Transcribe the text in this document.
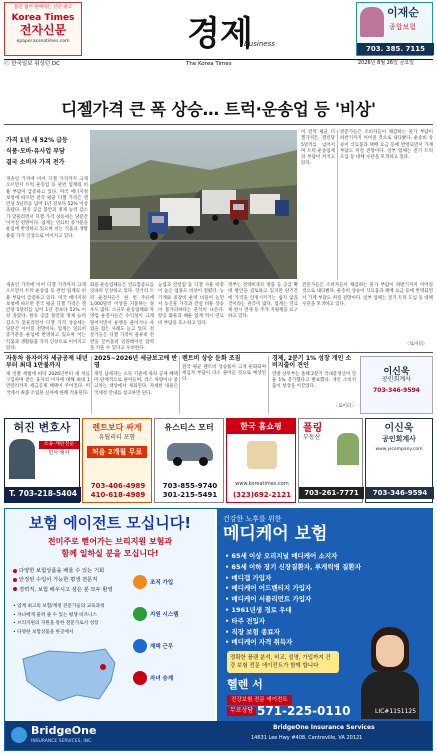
불만 없어 판매하는 신문·광고
Korea Times
전자신문
epaper.koreatimes.com	경제
Business
이재순
종합보험
703. 385. 7115
Ⓒ 한국일보 워싱턴 DC	The Korea Times	2026년 8월 26일 금요일
디젤가격 큰 폭 상승… 트럭·운송업 등 '비상'
가격 1년 새 52% 급등
식품·모바·유사업 부담
결국 소비자 가격 전가
미 전역 평균 디젤가격은 갤런당 5달러를 넘어서며 트럭 운송업계의 부담이 커지고 있다.
전문가들은 소비자들이 체감하는 물가 부담이 하반기까지 이어질 것으로 내다봤다. 운송비 상승이 식료품과 택배 요금 등에 반영되면서 가계 부담도 커질 전망이다. 일부 업체는 전기 트럭 도입 등 대체 수단을 모색하고 있다.
개솔린 가격에 이어 디젤 가격까지 크게 오르면서 트럭 운송업 등 관련 업계의 비용 부담이 급증하고 있다. 미국 에너지정보청에 따르면 전국 평균 디젤 가격은 갤런당 5달러를 넘어 1년 전보다 52% 이상 올랐다. 원유 공급 불안과 정제 능력 감소가 맞물리면서 디젤 가격 상승세는 당분간 이어질 전망이다. 업계는 연료비 증가분을 운임에 반영하고 있으며 이는 식품과 생활용품 가격 인상으로 이어지고 있다.
화물 운송업체들은 연료할증료를 잇따라 인상하고 있다. 장거리 트럭 운전사들은 한 번 주유에 1,000달러 이상을 지불하는 경우도 많다. 소규모 운송업체와 자영업 운전사들은 수익성이 크게 떨어지면서 운행을 줄이거나 사업을 접는 사례도 늘고 있다. 전문가들은 디젤 가격이 물류비 전반을 끌어올려 인플레이션 압력을 키울 수 있다고 우려한다.
농업과 건설업 등 디젤 사용 비중이 높은 업종도 비상이 걸렸다. 농기계와 중장비 운영 비용이 늘면서 농산물 가격과 건설 비용 상승이 불가피하다는 분석이 나온다. 항공 화물과 해운 업계 역시 연료비 부담을 호소하고 있다.
정부는 전략비축유 방출 등 공급 확대 방안을 검토하고 있지만 단기간에 가격을 안정시키기는 쉽지 않을 것이라는 관측이 많다. 업계는 연료세 한시 면제 등 추가 지원책을 요구하고 있다.
전문가들은 소비자들이 체감하는 물가 부담이 하반기까지 이어질 것으로 내다봤다. 운송비 상승이 식료품과 택배 요금 등에 반영되면서 가계 부담도 커질 전망이다. 일부 업체는 전기 트럭 도입 등 대체 수단을 모색하고 있다.
〈로이터〉
개솔린 가격에 이어 디젤 가격까지 크게 오르면서 트럭 운송업 등 관련 업계의 비용 부담이 급증하고 있다. 미국 에너지정보청에 따르면 전국 평균 디젤 가격은 갤런당 5달러를 넘어 1년 전보다 52% 이상 올랐다. 원유 공급 불안과 정제 능력 감소가 맞물리면서 디젤 가격 상승세는 당분간 이어질 전망이다. 업계는 연료비 증가분을 운임에 반영하고 있으며 이는 식품과 생활용품 가격 인상으로 이어지고 있다.
자동차 융자이자 세금공제 내년부터 최대 1만불까지
새 연방 세법에 따라 2026년부터 새 차를 구입하며 받은 융자의 이자에 대해 최대 1만달러까지 세금공제 혜택이 주어진다. 미국에서 최종 조립된 신차에 한해 적용된다.
2025~2026년 세금보고에 반영
개인 납세자는 소득 기준에 따라 공제 혜택이 단계적으로 줄어들며, 리스 차량이나 중고차는 대상에서 제외된다. 자세한 내용은 국세청 안내를 참고하면 된다.
렌트비 상승 둔화 조짐
전국 평균 렌트비 상승률이 크게 둔화되며 세입자 부담이 다소 줄어들 것으로 예상된다.
경제, 2분기 1% 성장 개인 소비지출이 견인
연방 상무부는 올해 2분기 국내총생산이 연율 1% 증가했다고 발표했다. 개인 소비지출이 성장을 이끌었다.
〈로이터〉
이신욱
공인회계사
703-346-9594
허진 변호사
소송·재판전문
민사·형사
T. 703-218-5404
렌트보다 싸게
유틸리티 포함
처음 2개월 무료
703-406-4989
410-618-4989
유스티스 모터
703-855-9740
301-215-5491
한국 홈쇼핑
www.koreatimes.com
(323)692-2121
폴링
부동산
703-261-7771
이신욱
공인회계사
www.yicompany.com
703-346-9594
보험 에이전트 모십니다!
전미주로 뻗어가는 브리지원 보험과
함께 일하실 분을 모십니다!
다양한 보험상품을 배울 수 있는 기회
안정된 수입이 가능한 평생 전문직
경력직, 보험 배우시고 싶은 분 모두 환영
• 업계 최고의 보험/재정 전문가들의 교육과정
• 자녀에게 물려 줄 수 있는 평생 비즈니스
• 브리지원의 지원을 통한 전문가로서 성장
• 다양한 보험상품을 한곳에서
조직 가입
지원 시스템
재택 근무
자녀 승계
건강한 노후를 위한
메디케어 보험
• 65세 이상 오리지널 메디케어 소지자
• 65세 이하 장기 신장질환자, 루게릭병 질환자
• 메디갭 가입자
• 메디케어 어드밴티지 가입자
• 메디케어 서플리먼트 가입자
• 1961년생 경로 우대
• 타주 전입자
• 직장 보험 종료자
• 메디케어 자격 취득자
정확한 플랜 분석, 비교, 설명, 가입까지 건강 보험 전문 에이전트가 함께 합니다
헬렌 서
건강보험 전문 에이전트
BridgeOne
INSURANCE SERVICES, INC.
무료상담
BridgeOne Insurance Services
14631 Lee Hwy #408, Centreville, VA 20121
571-225-0110	LIC#1151125
